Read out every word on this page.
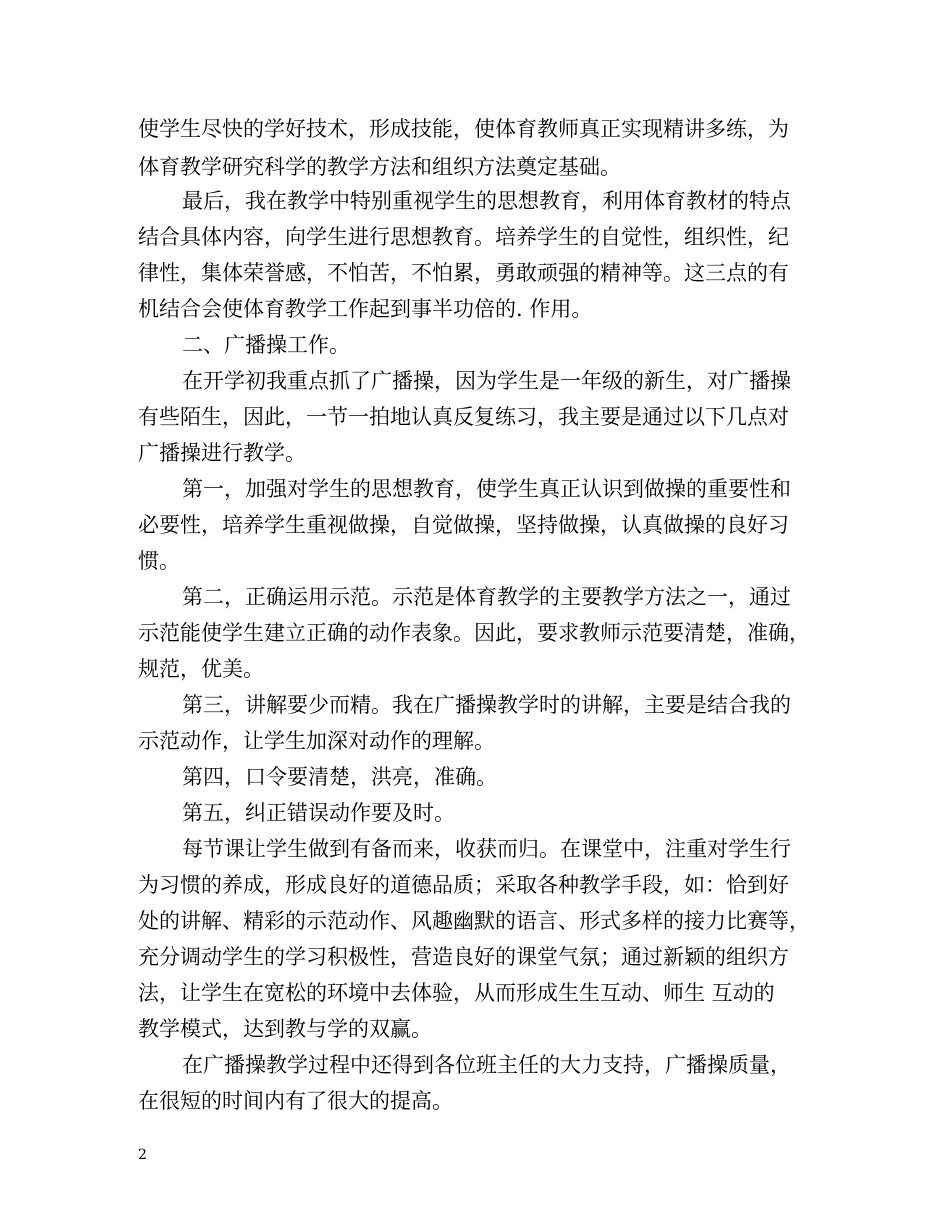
使学生尽快的学好技术，形成技能，使体育教师真正实现精讲多练，为
体育教学研究科学的教学方法和组织方法奠定基础。
最后，我在教学中特别重视学生的思想教育，利用体育教材的特点
结合具体内容，向学生进行思想教育。培养学生的自觉性，组织性，纪
律性，集体荣誉感，不怕苦，不怕累，勇敢顽强的精神等。这三点的有
机结合会使体育教学工作起到事半功倍的. 作用。
二、广播操工作。
在开学初我重点抓了广播操，因为学生是一年级的新生，对广播操
有些陌生，因此，一节一拍地认真反复练习，我主要是通过以下几点对
广播操进行教学。
第一，加强对学生的思想教育，使学生真正认识到做操的重要性和
必要性，培养学生重视做操，自觉做操，坚持做操，认真做操的良好习
惯。
第二，正确运用示范。示范是体育教学的主要教学方法之一，通过
示范能使学生建立正确的动作表象。因此，要求教师示范要清楚，准确，
规范，优美。
第三，讲解要少而精。我在广播操教学时的讲解，主要是结合我的
示范动作，让学生加深对动作的理解。
第四，口令要清楚，洪亮，准确。
第五，纠正错误动作要及时。
每节课让学生做到有备而来，收获而归。在课堂中，注重对学生行
为习惯的养成，形成良好的道德品质；采取各种教学手段，如：恰到好
处的讲解、精彩的示范动作、风趣幽默的语言、形式多样的接力比赛等，
充分调动学生的学习积极性，营造良好的课堂气氛；通过新颖的组织方
法，让学生在宽松的环境中去体验，从而形成生生互动、师生 互动的
教学模式，达到教与学的双赢。
在广播操教学过程中还得到各位班主任的大力支持，广播操质量，
在很短的时间内有了很大的提高。
2
